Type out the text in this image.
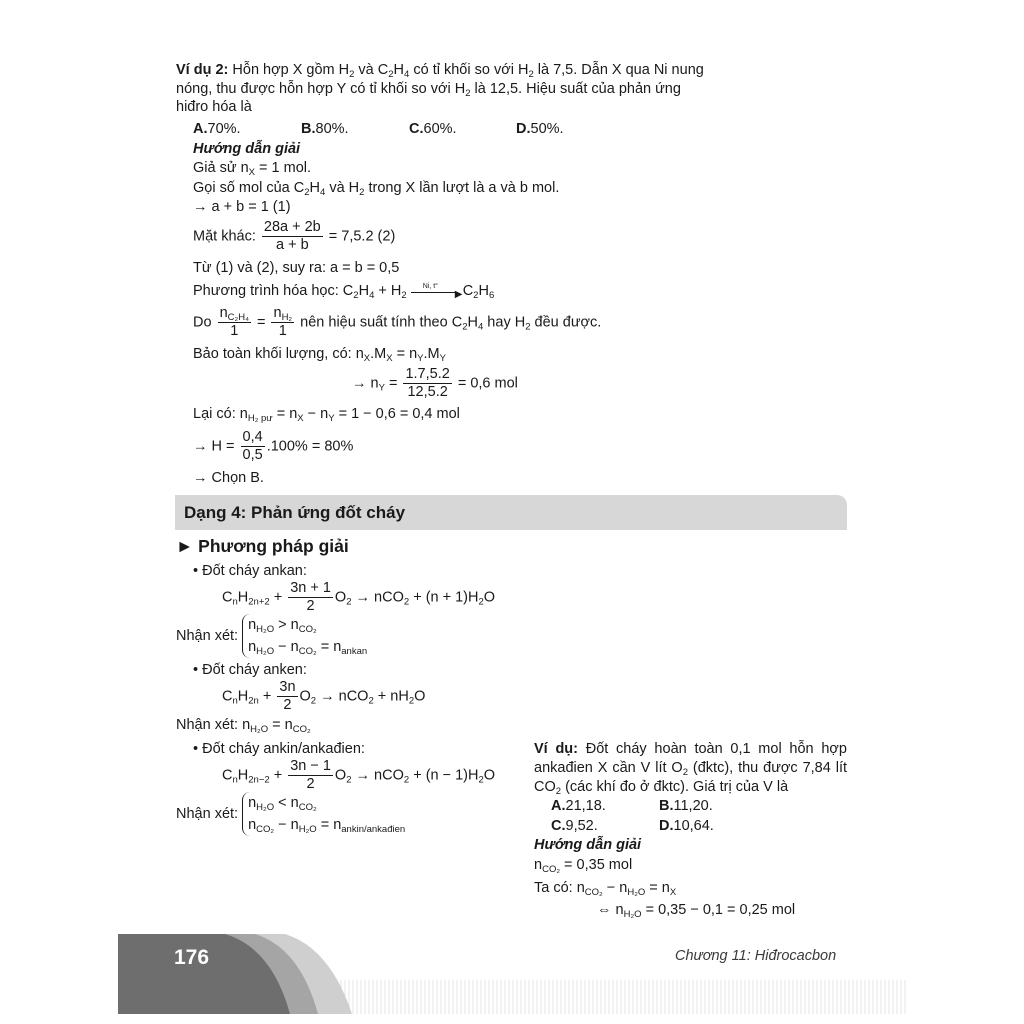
Ví dụ 2: Hỗn hợp X gồm $H_2$ và $C_2H_4$ có tỉ khối so với $H_2$ là 7,5. Dẫn X qua Ni nung
nóng, thu được hỗn hợp Y có tỉ khối so với $H_2$ là 12,5. Hiệu suất của phản ứng
hiđro hóa là
A.70%.	B.80%.	C.60%.	D.50%.
Hướng dẫn giải
Giả sử $n_X = 1$ mol.
Gọi số mol của $C_2H_4$ và $H_2$ trong X lần lượt là a và b mol.
→ a + b = 1 (1)
Mặt khác: $\frac{28a + 2b}{a + b} = 7,5.2$ (2)
Từ (1) và (2), suy ra: a = b = 0,5
Phương trình hóa học: $C_2H_4 + H_2$
Ni, t°
▶ $C_2H_6$
Do $\frac{n_{C_2H_4}}{1} = \frac{n_{H_2}}{1}$ nên hiệu suất tính theo $C_2H_4$ hay $H_2$ đều được.
Bảo toàn khối lượng, có: $n_X.M_X = n_Y.M_Y$
→ $n_Y = \frac{1.7,5.2}{12,5.2} = 0,6$ mol
Lại có: $n_{H_2 pư} = n_X - n_Y = 1 - 0,6 = 0,4$ mol
→ $H = \frac{0,4}{0,5} .100\% = 80\%$
→ Chọn B.
Dạng 4: Phản ứng đốt cháy
► Phương pháp giải
• Đốt cháy ankan:
$C_nH_{2n+2} + \frac{3n + 1}{2} O_2 \to nCO_2 + (n + 1)H_2O$
Nhận xét:
$n_{H_2O} > n_{CO_2}$
$n_{H_2O} - n_{CO_2} = n_{ankan}$
• Đốt cháy anken:
$C_nH_{2n} + \frac{3n}{2} O_2 \to nCO_2 + nH_2O$
Nhận xét: $n_{H_2O} = n_{CO_2}$
• Đốt cháy ankin/ankađien:
$C_nH_{2n-2} + \frac{3n - 1}{2} O_2 \to nCO_2 + (n - 1)H_2O$
Nhận xét:
$n_{H_2O} < n_{CO_2}$
$n_{CO_2} - n_{H_2O} = n_{ankin/ankađien}$
Ví dụ: Đốt cháy hoàn toàn 0,1 mol hỗn hợp
ankađien X cần V lít $O_2$ (đktc), thu được 7,84 lít
$CO_2$ (các khí đo ở đktc). Giá trị của V là
A.21,18.	B.11,20.
C.9,52.	D.10,64.
Hướng dẫn giải
$n_{CO_2} = 0,35$ mol
Ta có: $n_{CO_2} - n_{H_2O} = n_X$
⇔ $n_{H_2O} = 0,35 - 0,1 = 0,25$ mol
176	Chương 11: Hiđrocacbon
